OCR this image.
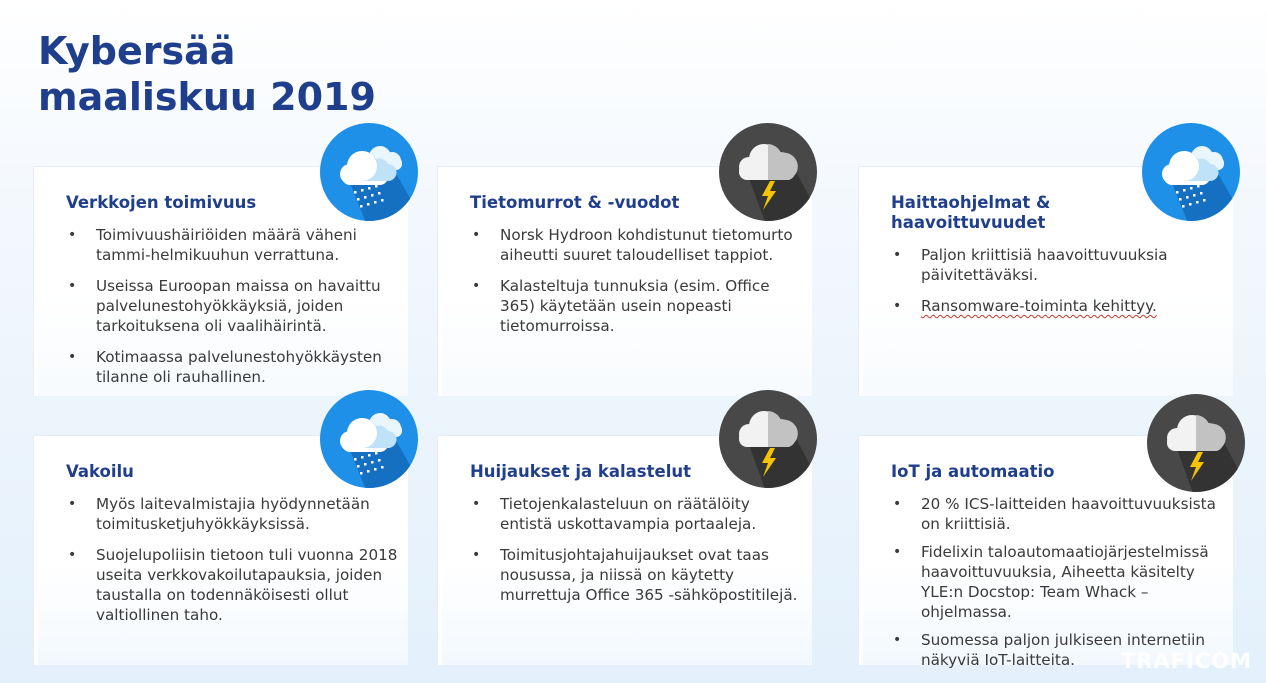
Kybersää maaliskuu 2019
Verkkojen toimivuus
• Toimivuushäiriöiden määrä väheni tammi-helmikuuhun verrattuna.
• Useissa Euroopan maissa on havaittu palvelunestohyökkäyksiä, joiden tarkoituksena oli vaalihäirintä.
• Kotimaassa palvelunestohyökkäysten tilanne oli rauhallinen.
Tietomurrot & -vuodot
• Norsk Hydroon kohdistunut tietomurto aiheutti suuret taloudelliset tappiot.
• Kalasteltuja tunnuksia (esim. Office 365) käytetään usein nopeasti tietomurroissa.
Haittaohjelmat & haavoittuvuudet
• Paljon kriittisiä haavoittuvuuksia päivitettäväksi.
• Ransomware-toiminta kehittyy.
Vakoilu
• Myös laitevalmistajia hyödynnetään toimitusketjuhyökkäyksissä.
• Suojelupoliisin tietoon tuli vuonna 2018 useita verkkovakoilutapauksia, joiden taustalla on todennäköisesti ollut valtiollinen taho.
Huijaukset ja kalastelut
• Tietojenkalasteluun on räätälöity entistä uskottavampia portaaleja.
• Toimitusjohtajahuijaukset ovat taas nousussa, ja niissä on käytetty murrettuja Office 365 -sähköpostitilejä.
IoT ja automaatio
• 20 % ICS-laitteiden haavoittuvuuksista on kriittisiä.
• Fidelixin taloautomaatiojärjestelmissä haavoittuvuuksia, Aiheetta käsitelty YLE:n Docstop: Team Whack – ohjelmassa.
• Suomessa paljon julkiseen internetiin näkyviä IoT-laitteita.	TRAFICOM
